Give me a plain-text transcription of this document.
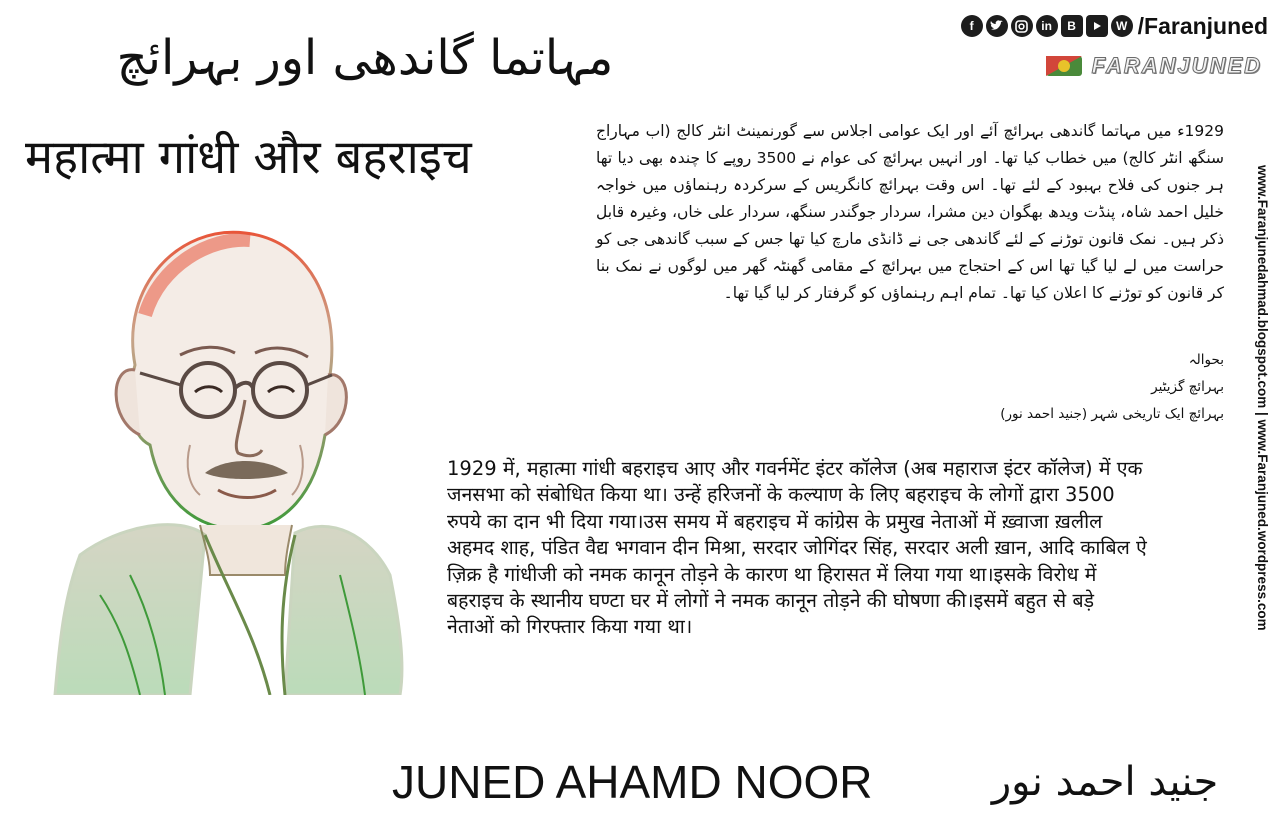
مہاتما گاندھی اور بہرائچ
महात्मा गांधी और बहराइच
f	in	B	W /Faranjuned
FARANJUNED
1929ء میں مہاتما گاندھی بہرائچ آئے اور ایک عوامی اجلاس سے گورنمینٹ انٹر کالج (اب مہاراج سنگھ انٹر کالج) میں خطاب کیا تھا۔ اور انہیں بہرائچ کی عوام نے 3500 روپے کا چندہ بھی دیا تھا ہر جنوں کی فلاح بہبود کے لئے تھا۔ اس وقت بہرائچ کانگریس کے سرکردہ رہنماؤں میں خواجہ خلیل احمد شاہ، پنڈت ویدھ بھگوان دین مشرا، سردار جوگندر سنگھ، سردار علی خاں، وغیرہ قابل ذکر ہیں۔ نمک قانون توڑنے کے لئے گاندھی جی نے ڈانڈی مارچ کیا تھا جس کے سبب گاندھی جی کو حراست میں لے لیا گیا تھا اس کے احتجاج میں بہرائچ کے مقامی گھنٹہ گھر میں لوگوں نے نمک بنا کر قانون کو توڑنے کا اعلان کیا تھا۔ تمام اہم رہنماؤں کو گرفتار کر لیا گیا تھا۔
بحوالہ
بہرائچ گزیٹیر
بہرائچ ایک تاریخی شہر (جنید احمد نور)	www.Faranjunedahmad.blogspot.com | www.Faranjuned.wordpress.com
1929 में, महात्मा गांधी बहराइच आए और गवर्नमेंट इंटर कॉलेज (अब महाराज इंटर कॉलेज) में एक जनसभा को संबोधित किया था। उन्हें हरिजनों के कल्याण के लिए बहराइच के लोगों द्वारा 3500 रुपये का दान भी दिया गया।उस समय में बहराइच में कांग्रेस के प्रमुख नेताओं में ख़्वाजा ख़लील अहमद शाह, पंडित वैद्य भगवान दीन मिश्रा, सरदार जोगिंदर सिंह, सरदार अली ख़ान, आदि काबिल ऐ ज़िक्र है गांधीजी को नमक कानून तोड़ने के कारण था हिरासत में लिया गया था।इसके विरोध में बहराइच के स्थानीय घण्टा घर में लोगों ने नमक कानून तोड़ने की घोषणा की।इसमें बहुत से बड़े नेताओं को गिरफ्तार किया गया था।
JUNED AHAMD NOOR	جنید احمد نور
